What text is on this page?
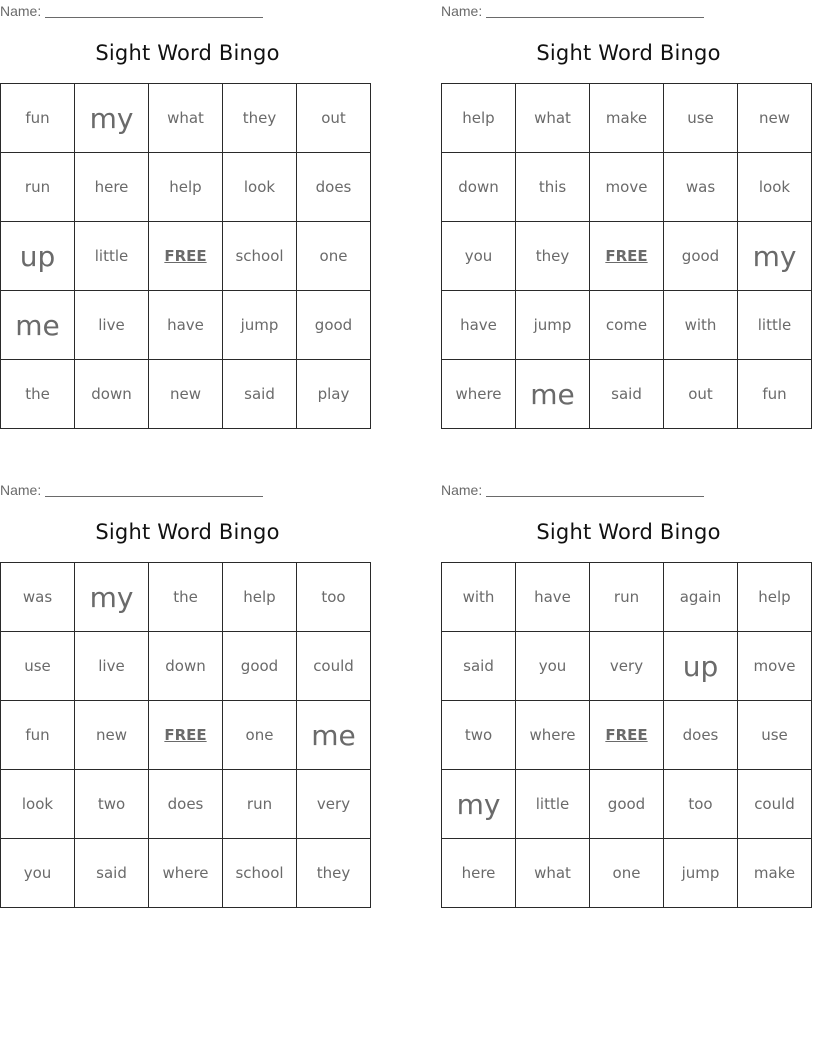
Name:
Sight Word Bingo
fun	my	what	they	out
run	here	help	look	does
up	little	FREE	school	one
me	live	have	jump	good
the	down	new	said	play
Name:
Sight Word Bingo
help	what	make	use	new
down	this	move	was	look
you	they	FREE	good	my
have	jump	come	with	little
where	me	said	out	fun
Name:
Sight Word Bingo
was	my	the	help	too
use	live	down	good	could
fun	new	FREE	one	me
look	two	does	run	very
you	said	where	school	they
Name:
Sight Word Bingo
with	have	run	again	help
said	you	very	up	move
two	where	FREE	does	use
my	little	good	too	could
here	what	one	jump	make
